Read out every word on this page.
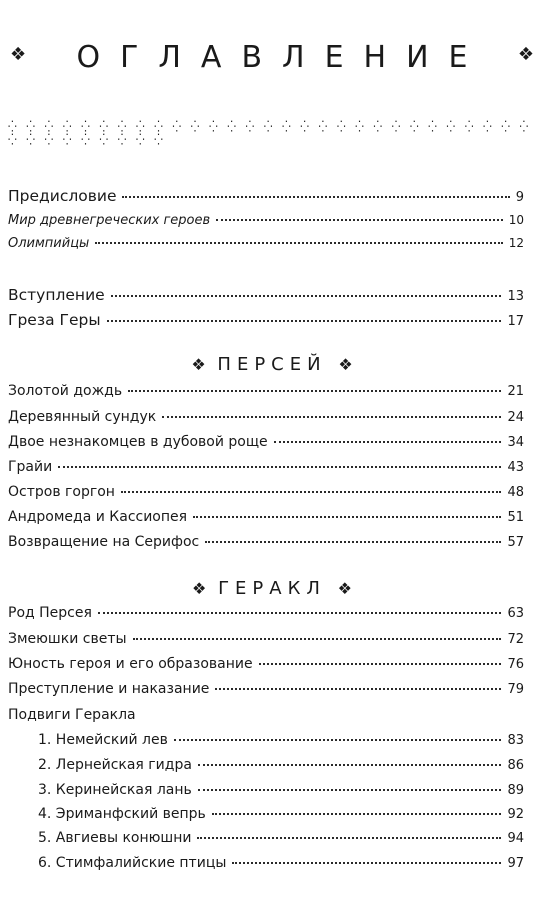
❖	ОГЛАВЛЕНИЕ	❖
⁛ ⁛ ⁛ ⁛ ⁛ ⁛ ⁛ ⁛ ⁛ ⁛ ⁛ ⁛ ⁛ ⁛ ⁛ ⁛ ⁛ ⁛ ⁛ ⁛ ⁛ ⁛ ⁛ ⁛ ⁛ ⁛ ⁛ ⁛ ⁛ ⁛ ⁛ ⁛ ⁛ ⁛ ⁛ ⁛ ⁛ ⁛
Предисловие	9
Мир древнегреческих героев	10
Олимпийцы	12
Вступление	13
Греза Геры	17
❖ ПЕРСЕЙ ❖
Золотой дождь	21
Деревянный сундук	24
Двое незнакомцев в дубовой роще	34
Грайи	43
Остров горгон	48
Андромеда и Кассиопея	51
Возвращение на Серифос	57
❖ ГЕРАКЛ ❖
Род Персея	63
Змеюшки светы	72
Юность героя и его образование	76
Преступление и наказание	79
Подвиги Геракла
1. Немейский лев	83
2. Лернейская гидра	86
3. Керинейская лань	89
4. Эриманфский вепрь	92
5. Авгиевы конюшни	94
6. Стимфалийские птицы	97
